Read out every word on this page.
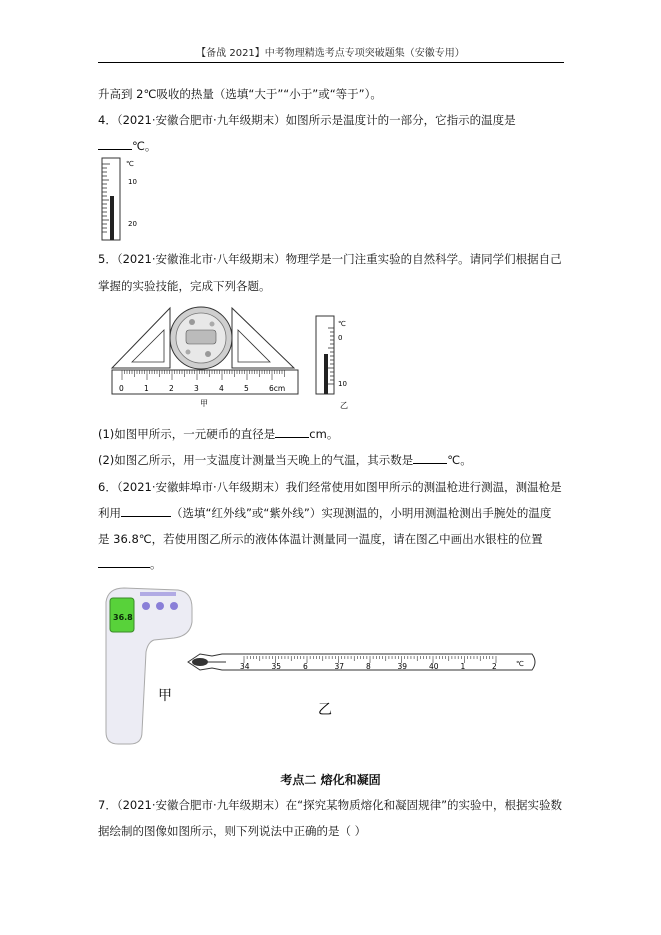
【备战 2021】中考物理精选考点专项突破题集（安徽专用）
升高到 2℃吸收的热量（选填“大于”“小于”或“等于”）。
4．（2021·安徽合肥市·九年级期末）如图所示是温度计的一部分，它指示的温度是
℃。
℃
10
20
5．（2021·安徽淮北市·八年级期末）物理学是一门注重实验的自然科学。请同学们根据自己
掌握的实验技能，完成下列各题。
0	1	2	3	4	5	6cm
甲
℃
0
10
乙
(1)如图甲所示，一元硬币的直径是	cm。
(2)如图乙所示，用一支温度计测量当天晚上的气温，其示数是	℃。
6．（2021·安徽蚌埠市·八年级期末）我们经常使用如图甲所示的测温枪进行测温，测温枪是
利用	（选填“红外线”或“紫外线”）实现测温的，小明用测温枪测出手腕处的温度
是 36.8℃，若使用图乙所示的液体体温计测量同一温度，请在图乙中画出水银柱的位置
。
36.8
甲
34	35	6	37	8	39	40	1	2	℃
乙
考点二 熔化和凝固
7．（2021·安徽合肥市·九年级期末）在“探究某物质熔化和凝固规律”的实验中，根据实验数
据绘制的图像如图所示，则下列说法中正确的是（ ）
